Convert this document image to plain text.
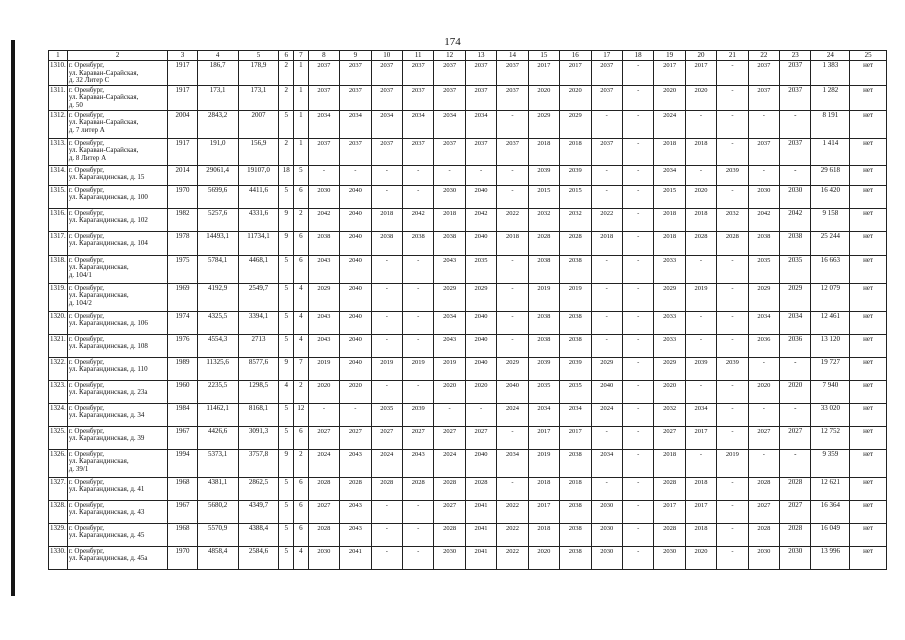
174
1	2	3	4	5	6	7	8	9	10	11	12	13	14	15	16	17	18	19	20	21	22	23	24	25
1310.	г. Оренбург,
ул. Караван-Сарайская,
д. 32 Литер С	1917	186,7	178,9	2	1	2037	2037	2037	2037	2037	2037	2037	2017	2017	2037	-	2017	2017	-	2037	2037	1 383	нет
1311.	г. Оренбург,
ул. Караван-Сарайская,
д. 50	1917	173,1	173,1	2	1	2037	2037	2037	2037	2037	2037	2037	2020	2020	2037	-	2020	2020	-	2037	2037	1 282	нет
1312.	г. Оренбург,
ул. Караван-Сарайская,
д. 7 литер А	2004	2843,2	2007	5	1	2034	2034	2034	2034	2034	2034	-	2029	2029	-	-	2024	-	-	-	-	8 191	нет
1313.	г. Оренбург,
ул. Караван-Сарайская,
д. 8 Литер А	1917	191,0	156,9	2	1	2037	2037	2037	2037	2037	2037	2037	2018	2018	2037	-	2018	2018	-	2037	2037	1 414	нет
1314.	г. Оренбург,
ул. Карагандинская, д. 15	2014	29061,4	19107,0	18	5	-	-	-	-	-	-	-	2039	2039	-	-	2034	-	2039	-	-	29 618	нет
1315.	г. Оренбург,
ул. Карагандинская, д. 100	1970	5699,6	4411,6	5	6	2030	2040	-	-	2030	2040	-	2015	2015	-	-	2015	2020	-	2030	2030	16 420	нет
1316.	г. Оренбург,
ул. Карагандинская, д. 102	1982	5257,6	4331,6	9	2	2042	2040	2018	2042	2018	2042	2022	2032	2032	2022	-	2018	2018	2032	2042	2042	9 158	нет
1317.	г. Оренбург,
ул. Карагандинская, д. 104	1978	14493,1	11734,1	9	6	2038	2040	2038	2038	2038	2040	2018	2028	2028	2018	-	2018	2028	2028	2038	2038	25 244	нет
1318.	г. Оренбург,
ул. Карагандинская,
д. 104/1	1975	5784,1	4468,1	5	6	2043	2040	-	-	2043	2035	-	2038	2038	-	-	2033	-	-	2035	2035	16 663	нет
1319.	г. Оренбург,
ул. Карагандинская,
д. 104/2	1969	4192,9	2549,7	5	4	2029	2040	-	-	2029	2029	-	2019	2019	-	-	2029	2019	-	2029	2029	12 079	нет
1320.	г. Оренбург,
ул. Карагандинская, д. 106	1974	4325,5	3394,1	5	4	2043	2040	-	-	2034	2040	-	2038	2038	-	-	2033	-	-	2034	2034	12 461	нет
1321.	г. Оренбург,
ул. Карагандинская, д. 108	1976	4554,3	2713	5	4	2043	2040	-	-	2043	2040	-	2038	2038	-	-	2033	-	-	2036	2036	13 120	нет
1322.	г. Оренбург,
ул. Карагандинская, д. 110	1989	11325,6	8577,6	9	7	2019	2040	2019	2019	2019	2040	2029	2039	2039	2029	-	2029	2039	2039	-	-	19 727	нет
1323.	г. Оренбург,
ул. Карагандинская, д. 23а	1960	2235,5	1298,5	4	2	2020	2020	-	-	2020	2020	2040	2035	2035	2040	-	2020	-	-	2020	2020	7 940	нет
1324.	г. Оренбург,
ул. Карагандинская, д. 34	1984	11462,1	8168,1	5	12	-	-	2035	2039	-	-	2024	2034	2034	2024	-	2032	2034	-	-	-	33 020	нет
1325.	г. Оренбург,
ул. Карагандинская, д. 39	1967	4426,6	3091,3	5	6	2027	2027	2027	2027	2027	2027	-	2017	2017	-	-	2027	2017	-	2027	2027	12 752	нет
1326.	г. Оренбург,
ул. Карагандинская,
д. 39/1	1994	5373,1	3757,8	9	2	2024	2043	2024	2043	2024	2040	2034	2019	2038	2034	-	2018	-	2019	-	-	9 359	нет
1327.	г. Оренбург,
ул. Карагандинская, д. 41	1968	4381,1	2862,5	5	6	2028	2028	2028	2028	2028	2028	-	2018	2018	-	-	2028	2018	-	2028	2028	12 621	нет
1328.	г. Оренбург,
ул. Карагандинская, д. 43	1967	5680,2	4349,7	5	6	2027	2043	-	-	2027	2041	2022	2017	2038	2030	-	2017	2017	-	2027	2027	16 364	нет
1329.	г. Оренбург,
ул. Карагандинская, д. 45	1968	5570,9	4388,4	5	6	2028	2043	-	-	2028	2041	2022	2018	2038	2030	-	2028	2018	-	2028	2028	16 049	нет
1330.	г. Оренбург,
ул. Карагандинская, д. 45а	1970	4858,4	2584,6	5	4	2030	2041	-	-	2030	2041	2022	2020	2038	2030	-	2030	2020	-	2030	2030	13 996	нет
